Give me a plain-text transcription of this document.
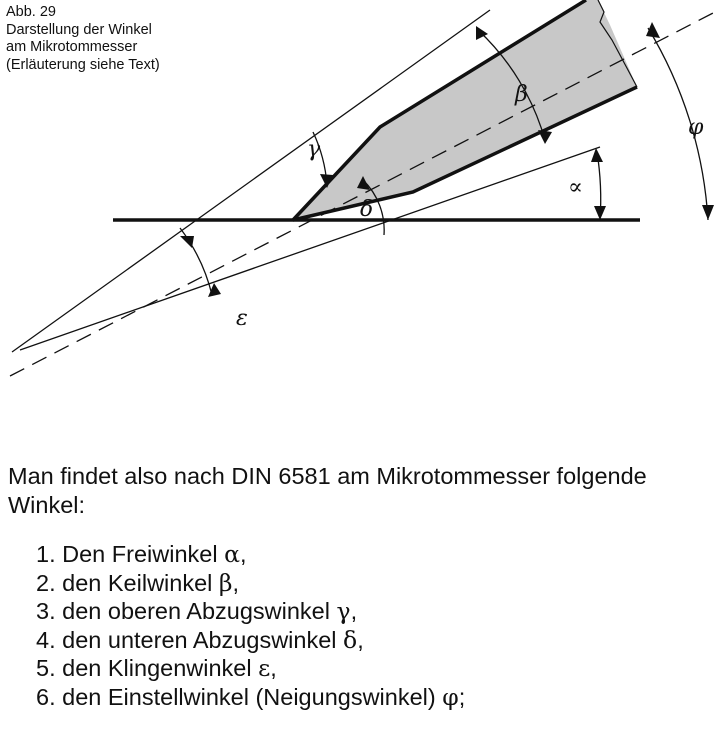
Abb. 29
Darstellung der Winkel
am Mikrotommesser
(Erläuterung siehe Text)
γ
β
φ
∝
δ
ε
Man findet also nach DIN 6581 am Mikrotommesser folgende Winkel:
1. Den Freiwinkel α,
2. den Keilwinkel β,
3. den oberen Abzugswinkel γ,
4. den unteren Abzugswinkel δ,
5. den Klingenwinkel ε,
6. den Einstellwinkel (Neigungswinkel) φ;
